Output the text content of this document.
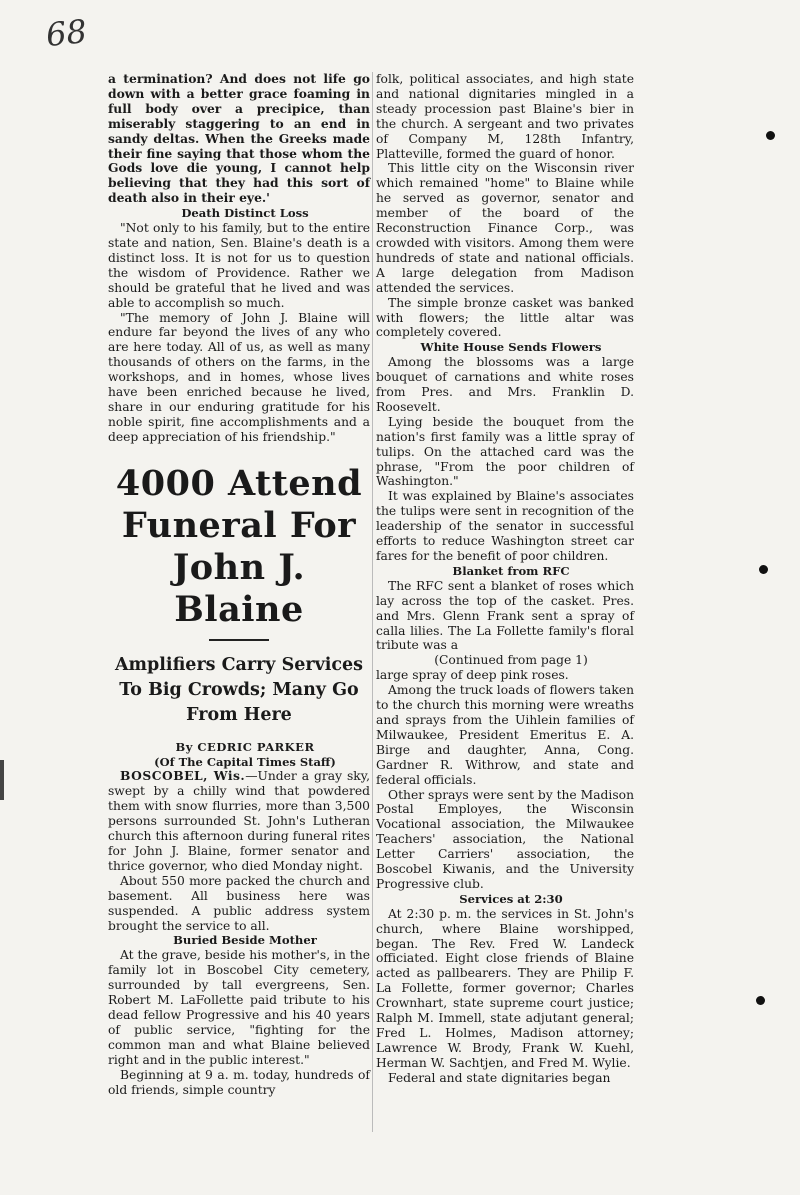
68

a termination? And does not life go down with a better grace foaming in full body over a precipice, than miserably staggering to an end in sandy deltas. When the Greeks made their fine saying that those whom the Gods love die young, I cannot help believing that they had this sort of death also in their eye.'

Death Distinct Loss

"Not only to his family, but to the entire state and nation, Sen. Blaine's death is a distinct loss. It is not for us to question the wisdom of Providence. Rather we should be grateful that he lived and was able to accomplish so much.

"The memory of John J. Blaine will endure far beyond the lives of any who are here today. All of us, as well as many thousands of others on the farms, in the workshops, and in homes, whose lives have been enriched because he lived, share in our enduring gratitude for his noble spirit, fine accomplishments and a deep appreciation of his friendship."

4000 Attend
Funeral For
John J. Blaine
Amplifiers Carry Services To Big Crowds; Many Go From Here

By CEDRIC PARKER

(Of The Capital Times Staff)

BOSCOBEL, Wis.—Under a gray sky, swept by a chilly wind that powdered them with snow flurries, more than 3,500 persons surrounded St. John's Lutheran church this afternoon during funeral rites for John J. Blaine, former senator and thrice governor, who died Monday night.

About 550 more packed the church and basement. All business here was suspended. A public address system brought the service to all.

Buried Beside Mother

At the grave, beside his mother's, in the family lot in Boscobel City cemetery, surrounded by tall evergreens, Sen. Robert M. LaFollette paid tribute to his dead fellow Progressive and his 40 years of public service, "fighting for the common man and what Blaine believed right and in the public interest."

Beginning at 9 a. m. today, hundreds of old friends, simple country

folk, political associates, and high state and national dignitaries mingled in a steady procession past Blaine's bier in the church. A sergeant and two privates of Company M, 128th Infantry, Platteville, formed the guard of honor.

This little city on the Wisconsin river which remained "home" to Blaine while he served as governor, senator and member of the board of the Reconstruction Finance Corp., was crowded with visitors. Among them were hundreds of state and national officials. A large delegation from Madison attended the services.

The simple bronze casket was banked with flowers; the little altar was completely covered.

White House Sends Flowers

Among the blossoms was a large bouquet of carnations and white roses from Pres. and Mrs. Franklin D. Roosevelt.

Lying beside the bouquet from the nation's first family was a little spray of tulips. On the attached card was the phrase, "From the poor children of Washington."

It was explained by Blaine's associates the tulips were sent in recognition of the leadership of the senator in successful efforts to reduce Washington street car fares for the benefit of poor children.

Blanket from RFC

The RFC sent a blanket of roses which lay across the top of the casket. Pres. and Mrs. Glenn Frank sent a spray of calla lilies. The La Follette family's floral tribute was a

(Continued from page 1)

large spray of deep pink roses.

Among the truck loads of flowers taken to the church this morning were wreaths and sprays from the Uihlein families of Milwaukee, President Emeritus E. A. Birge and daughter, Anna, Cong. Gardner R. Withrow, and state and federal officials.

Other sprays were sent by the Madison Postal Employes, the Wisconsin Vocational association, the Milwaukee Teachers' association, the National Letter Carriers' association, the Boscobel Kiwanis, and the University Progressive club.

Services at 2:30

At 2:30 p. m. the services in St. John's church, where Blaine worshipped, began. The Rev. Fred W. Landeck officiated. Eight close friends of Blaine acted as pallbearers. They are Philip F. La Follette, former governor; Charles Crownhart, state supreme court justice; Ralph M. Immell, state adjutant general; Fred L. Holmes, Madison attorney; Lawrence W. Brody, Frank W. Kuehl, Herman W. Sachtjen, and Fred M. Wylie.

Federal and state dignitaries began
